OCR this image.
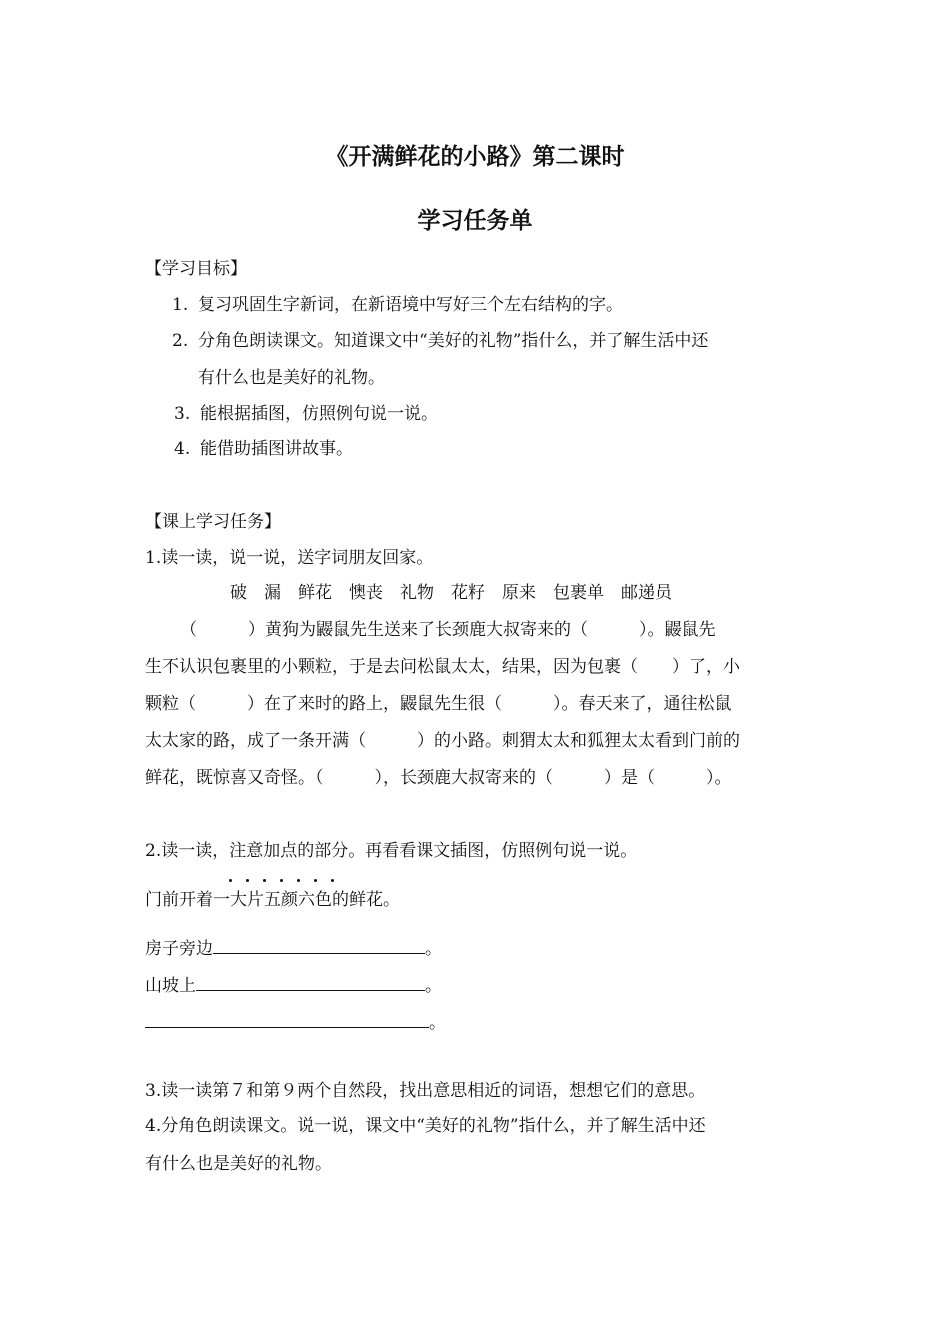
《开满鲜花的小路》第二课时
学习任务单
【学习目标】
1. 复习巩固生字新词，在新语境中写好三个左右结构的字。
2. 分角色朗读课文。知道课文中“美好的礼物”指什么，并了解生活中还
有什么也是美好的礼物。
3. 能根据插图，仿照例句说一说。
4. 能借助插图讲故事。
【课上学习任务】
1.读一读，说一说，送字词朋友回家。
破 漏 鲜花 懊丧 礼物 花籽 原来 包裹单 邮递员
（　　　）黄狗为鼹鼠先生送来了长颈鹿大叔寄来的（　　　）。鼹鼠先
生不认识包裹里的小颗粒，于是去问松鼠太太，结果，因为包裹（　　）了，小
颗粒（　　　）在了来时的路上，鼹鼠先生很（　　　）。春天来了，通往松鼠
太太家的路，成了一条开满（　　　）的小路。刺猬太太和狐狸太太看到门前的
鲜花，既惊喜又奇怪。（　　　），长颈鹿大叔寄来的（　　　）是（　　　）。
2.读一读，注意加点的部分。再看看课文插图，仿照例句说一说。
门前开着一大片五颜六色的鲜花。
房子旁边	。
山坡上	。
。
3.读一读第７和第９两个自然段，找出意思相近的词语，想想它们的意思。
4.分角色朗读课文。说一说，课文中“美好的礼物”指什么，并了解生活中还
有什么也是美好的礼物。
